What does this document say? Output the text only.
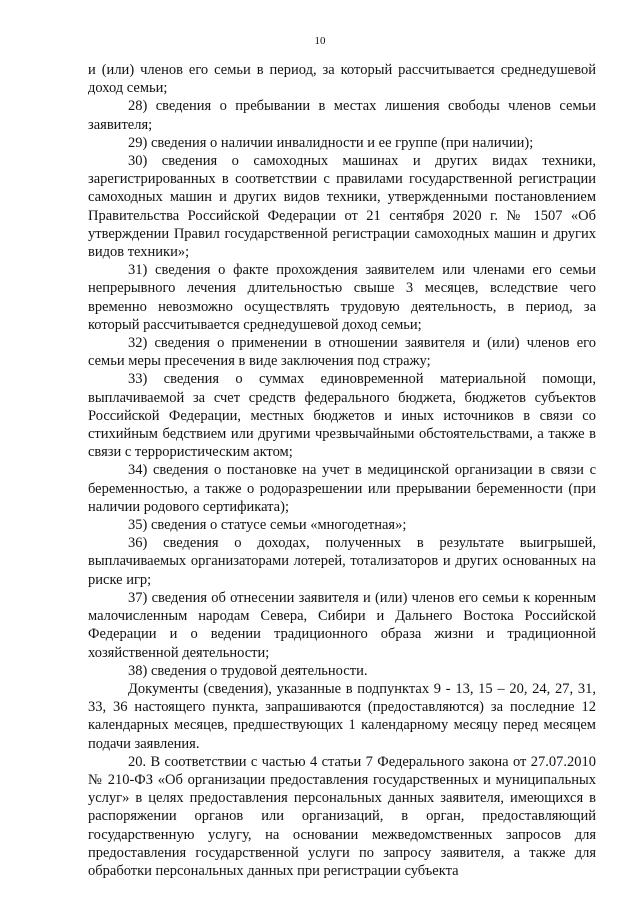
10

и (или) членов его семьи в период, за который рассчитывается среднедушевой доход семьи;

28) сведения о пребывании в местах лишения свободы членов семьи заявителя;

29) сведения о наличии инвалидности и ее группе (при наличии);

30) сведения о самоходных машинах и других видах техники, зарегистрированных в соответствии с правилами государственной регистрации самоходных машин и других видов техники, утвержденными постановлением Правительства Российской Федерации от 21 сентября 2020 г. № 1507 «Об утверждении Правил государственной регистрации самоходных машин и других видов техники»;

31) сведения о факте прохождения заявителем или членами его семьи непрерывного лечения длительностью свыше 3 месяцев, вследствие чего временно невозможно осуществлять трудовую деятельность, в период, за который рассчитывается среднедушевой доход семьи;

32) сведения о применении в отношении заявителя и (или) членов его семьи меры пресечения в виде заключения под стражу;

33) сведения о суммах единовременной материальной помощи, выплачиваемой за счет средств федерального бюджета, бюджетов субъектов Российской Федерации, местных бюджетов и иных источников в связи со стихийным бедствием или другими чрезвычайными обстоятельствами, а также в связи с террористическим актом;

34) сведения о постановке на учет в медицинской организации в связи с беременностью, а также о родоразрешении или прерывании беременности (при наличии родового сертификата);

35) сведения о статусе семьи «многодетная»;

36) сведения о доходах, полученных в результате выигрышей, выплачиваемых организаторами лотерей, тотализаторов и других основанных на риске игр;

37) сведения об отнесении заявителя и (или) членов его семьи к коренным малочисленным народам Севера, Сибири и Дальнего Востока Российской Федерации и о ведении традиционного образа жизни и традиционной хозяйственной деятельности;

38) сведения о трудовой деятельности.

Документы (сведения), указанные в подпунктах 9 - 13, 15 – 20, 24, 27, 31, 33, 36 настоящего пункта, запрашиваются (предоставляются) за последние 12 календарных месяцев, предшествующих 1 календарному месяцу перед месяцем подачи заявления.

20. В соответствии с частью 4 статьи 7 Федерального закона от 27.07.2010 № 210-ФЗ «Об организации предоставления государственных и муниципальных услуг» в целях предоставления персональных данных заявителя, имеющихся в распоряжении органов или организаций, в орган, предоставляющий государственную услугу, на основании межведомственных запросов для предоставления государственной услуги по запросу заявителя, а также для обработки персональных данных при регистрации субъекта
